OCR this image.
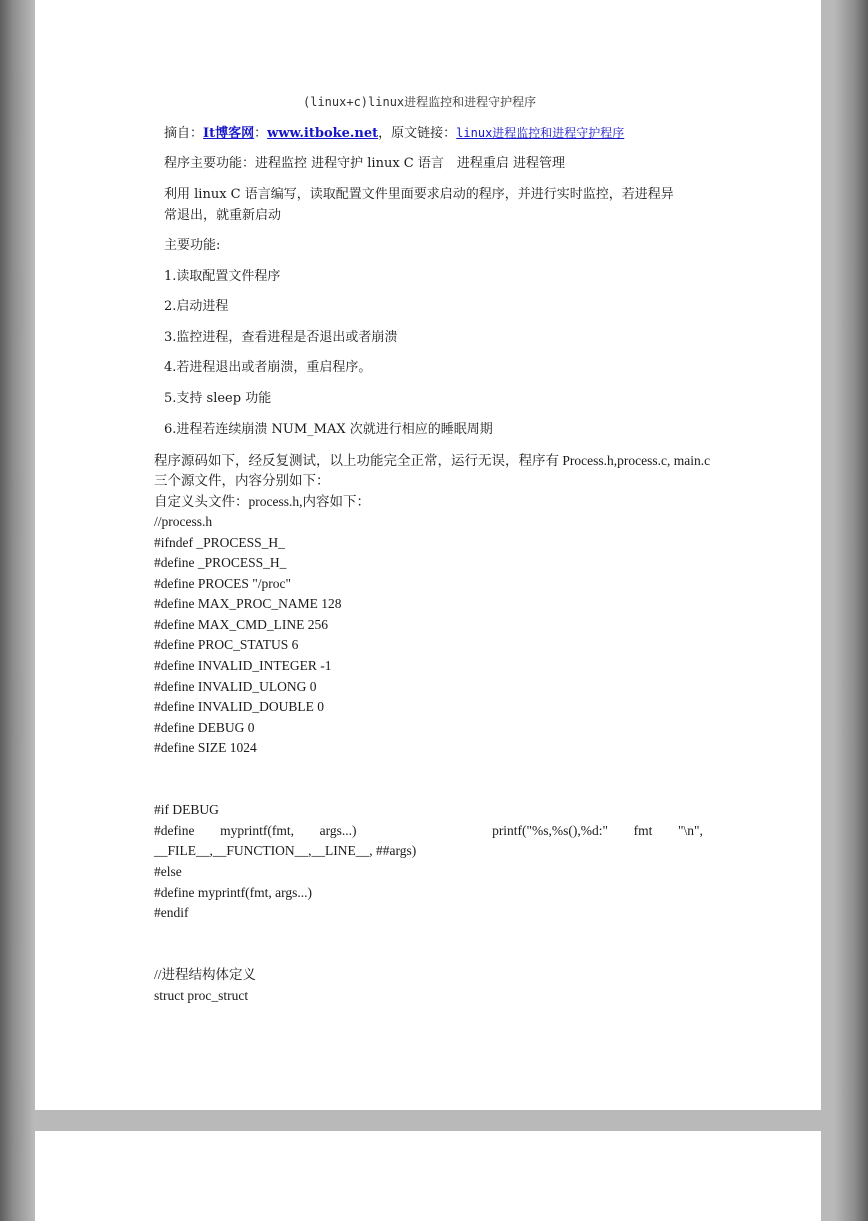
(linux+c)linux进程监控和进程守护程序
摘自：It博客网：www.itboke.net，原文链接：linux进程监控和进程守护程序
程序主要功能：进程监控 进程守护 linux C 语言　进程重启 进程管理
利用 linux C 语言编写，读取配置文件里面要求启动的程序，并进行实时监控，若进程异
常退出，就重新启动
主要功能:
1.读取配置文件程序
2.启动进程
3.监控进程，查看进程是否退出或者崩溃
4.若进程退出或者崩溃，重启程序。
5.支持 sleep 功能
6.进程若连续崩溃 NUM_MAX 次就进行相应的睡眠周期
程序源码如下，经反复测试，以上功能完全正常，运行无误，程序有 Process.h,process.c, main.c
三个源文件，内容分别如下：
自定义头文件：process.h,内容如下：
//process.h
#ifndef _PROCESS_H_
#define _PROCESS_H_
#define PROCES "/proc"
#define MAX_PROC_NAME 128
#define MAX_CMD_LINE 256
#define PROC_STATUS 6
#define INVALID_INTEGER -1
#define INVALID_ULONG 0
#define INVALID_DOUBLE 0
#define DEBUG 0
#define SIZE 1024
#if DEBUG
#define myprintf(fmt, args...)	printf("%s,%s(),%d:" fmt "\n",
__FILE__,__FUNCTION__,__LINE__, ##args)
#else
#define myprintf(fmt, args...)
#endif
//进程结构体定义
struct proc_struct
